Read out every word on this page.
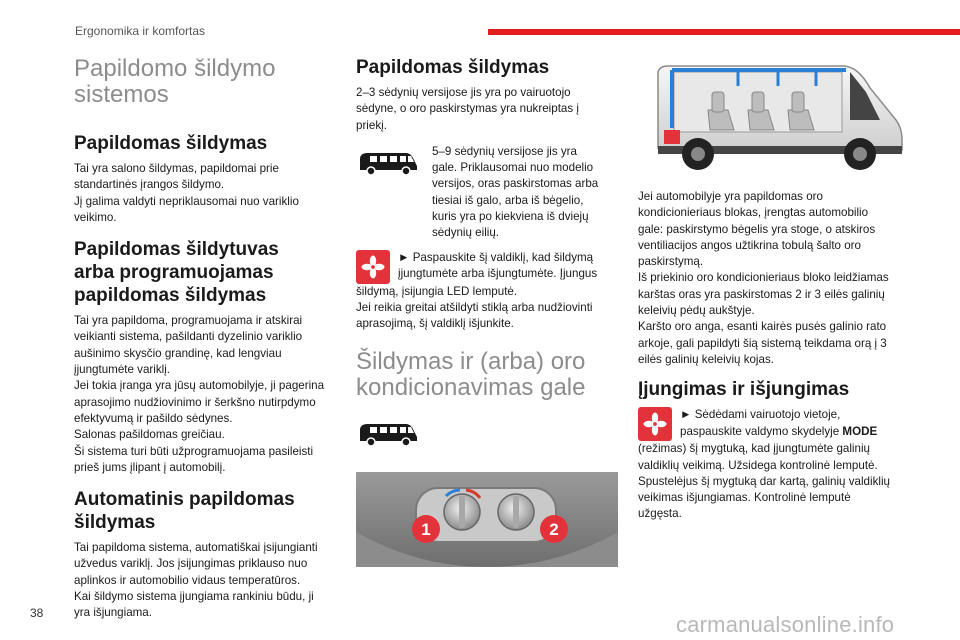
Ergonomika ir komfortas
Papildomo šildymo
sistemos
Papildomas šildymas
Tai yra salono šildymas, papildomai prie
standartinės įrangos šildymo.
Jį galima valdyti nepriklausomai nuo variklio
veikimo.
Papildomas šildytuvas
arba programuojamas
papildomas šildymas
Tai yra papildoma, programuojama ir atskirai
veikianti sistema, pašildanti dyzelinio variklio
aušinimo skysčio grandinę, kad lengviau
įjungtumėte variklį.
Jei tokia įranga yra jūsų automobilyje, ji pagerina
aprasojimo nudžiovinimo ir šerkšno nutirpdymo
efektyvumą ir pašildo sėdynes.
Salonas pašildomas greičiau.
Ši sistema turi būti užprogramuojama pasileisti
prieš jums įlipant į automobilį.
Automatinis papildomas
šildymas
Tai papildoma sistema, automatiškai įsijungianti
užvedus variklį. Jos įsijungimas priklauso nuo
aplinkos ir automobilio vidaus temperatūros.
Kai šildymo sistema įjungiama rankiniu būdu, ji
yra išjungiama.
Papildomas šildymas
2–3 sėdynių versijose jis yra po vairuotojo
sėdyne, o oro paskirstymas yra nukreiptas į
priekį.
5–9 sėdynių versijose jis yra
gale. Priklausomai nuo modelio
versijos, oras paskirstomas arba
tiesiai iš galo, arba iš bėgelio,
kuris yra po kiekviena iš dviejų
sėdynių eilių.
► Paspauskite šį valdiklį, kad šildymą
įjungtumėte arba išjungtumėte. Įjungus
šildymą, įsijungia LED lemputė.
Jei reikia greitai atšildyti stiklą arba nudžiovinti
aprasojimą, šį valdiklį išjunkite.
Šildymas ir (arba) oro
kondicionavimas gale

1	2
Jei automobilyje yra papildomas oro
kondicionieriaus blokas, įrengtas automobilio
gale: paskirstymo bėgelis yra stoge, o atskiros
ventiliacijos angos užtikrina tobulą šalto oro
paskirstymą.
Iš priekinio oro kondicionieriaus bloko leidžiamas
karštas oras yra paskirstomas 2 ir 3 eilės galinių
keleivių pėdų aukštyje.
Karšto oro anga, esanti kairės pusės galinio rato
arkoje, gali papildyti šią sistemą teikdama orą į 3
eilės galinių keleivių kojas.
Įjungimas ir išjungimas
► Sėdėdami vairuotojo vietoje,
paspauskite valdymo skydelyje MODE
(režimas) šį mygtuką, kad įjungtumėte galinių
valdiklių veikimą. Užsidega kontrolinė lemputė.
Spustelėjus šį mygtuką dar kartą, galinių valdiklių
veikimas išjungiamas. Kontrolinė lemputė
užgęsta.
38	carmanualsonline.info
